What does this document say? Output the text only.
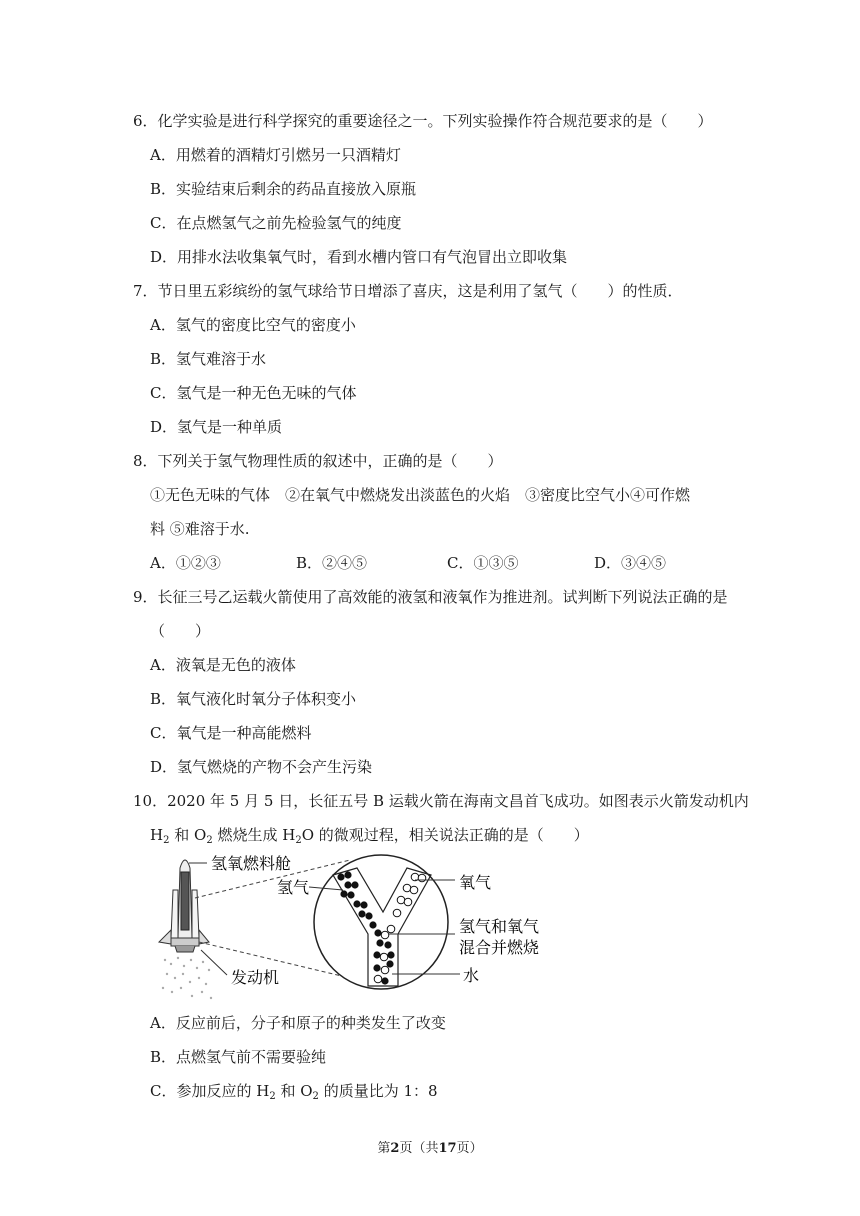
6．化学实验是进行科学探究的重要途径之一。下列实验操作符合规范要求的是（　　）
A．用燃着的酒精灯引燃另一只酒精灯
B．实验结束后剩余的药品直接放入原瓶
C．在点燃氢气之前先检验氢气的纯度
D．用排水法收集氧气时，看到水槽内管口有气泡冒出立即收集
7．节日里五彩缤纷的氢气球给节日增添了喜庆，这是利用了氢气（　　）的性质．
A．氢气的密度比空气的密度小
B．氢气难溶于水
C．氢气是一种无色无味的气体
D．氢气是一种单质
8．下列关于氢气物理性质的叙述中，正确的是（　　）
①无色无味的气体　②在氧气中燃烧发出淡蓝色的火焰　③密度比空气小④可作燃
料 ⑤难溶于水.
A．①②③	B．②④⑤	C．①③⑤	D．③④⑤
9．长征三号乙运载火箭使用了高效能的液氢和液氧作为推进剂。试判断下列说法正确的是
（　　）
A．液氧是无色的液体
B．氧气液化时氧分子体积变小
C．氧气是一种高能燃料
D．氢气燃烧的产物不会产生污染
10．2020 年 5 月 5 日，长征五号 B 运载火箭在海南文昌首飞成功。如图表示火箭发动机内
$H_2$ 和 $O_2$ 燃烧生成 $H_2O$ 的微观过程，相关说法正确的是（　　）
氢氧燃料舱
氢气	氧气
氢气和氧气
混合并燃烧
水
发动机
A．反应前后，分子和原子的种类发生了改变
B．点燃氢气前不需要验纯
C．参加反应的 $H_2$ 和 $O_2$ 的质量比为 1：8
第2页（共17页）
